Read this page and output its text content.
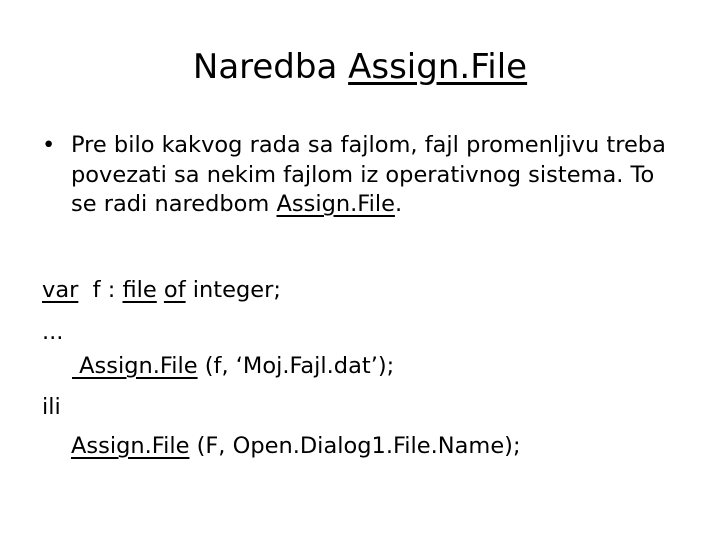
Naredba Assign.File
• Pre bilo kakvog rada sa fajlom, fajl promenljivu treba povezati sa nekim fajlom iz operativnog sistema. To se radi naredbom Assign.File.
var  f : file of integer;
...
Assign.File (f, ‘Moj.Fajl.dat’);
ili
Assign.File (F, Open.Dialog1.File.Name);
